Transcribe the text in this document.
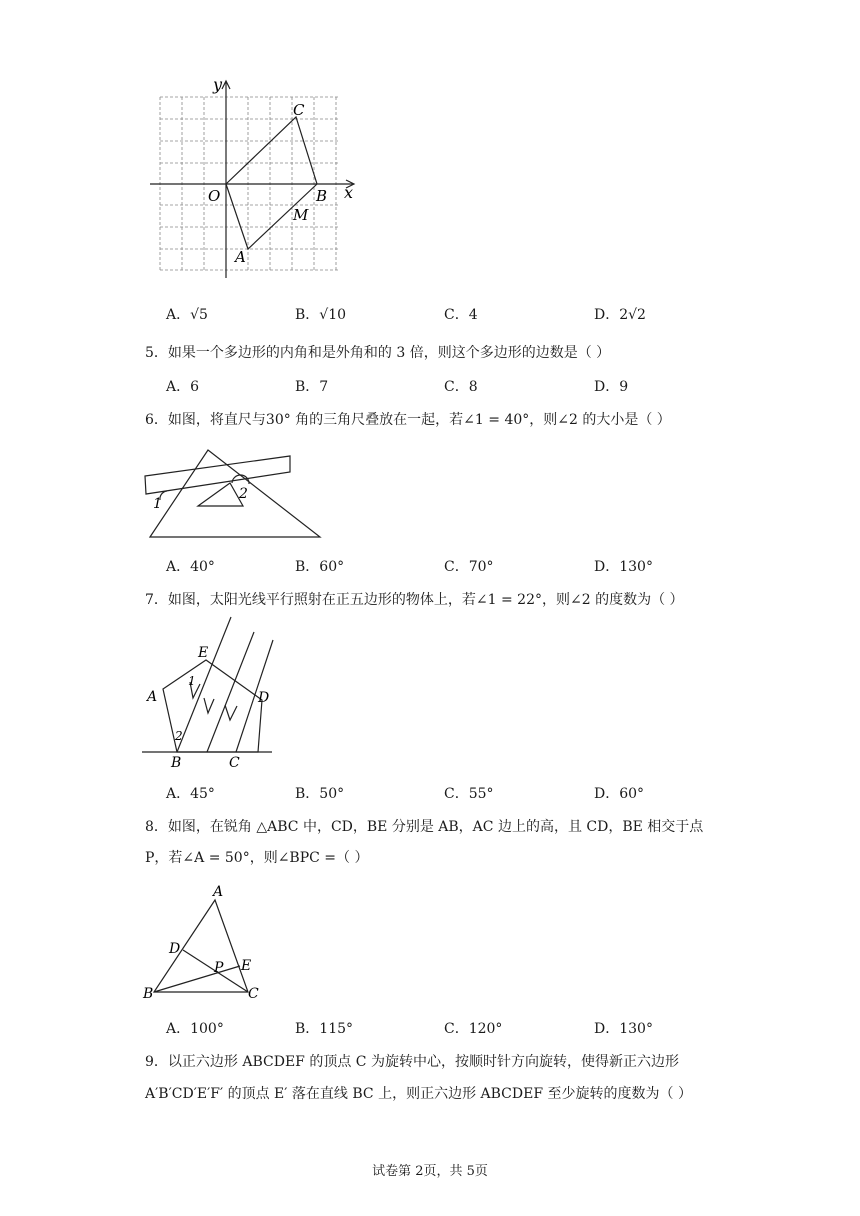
y
x
O
C
B
M
A
A．√5	B．√10	C．4	D．2√2
5．如果一个多边形的内角和是外角和的 3 倍，则这个多边形的边数是（ ）
A．6	B．7	C．8	D．9
6．如图，将直尺与30° 角的三角尺叠放在一起，若∠1 = 40°，则∠2 的大小是（ ）
1
2
A．40°	B．60°	C．70°	D．130°
7．如图，太阳光线平行照射在正五边形的物体上，若∠1 = 22°，则∠2 的度数为（ ）
E
A	D
B	C
1
2
A．45°	B．50°	C．55°	D．60°
8．如图，在锐角 △ABC 中，CD，BE 分别是 AB，AC 边上的高，且 CD，BE 相交于点
P，若∠A = 50°，则∠BPC =（ ）
A
D
P E
B	C
A．100°	B．115°	C．120°	D．130°
9．以正六边形 ABCDEF 的顶点 C 为旋转中心，按顺时针方向旋转，使得新正六边形
A′B′CD′E′F′ 的顶点 E′ 落在直线 BC 上，则正六边形 ABCDEF 至少旋转的度数为（ ）
试卷第 2页，共 5页
